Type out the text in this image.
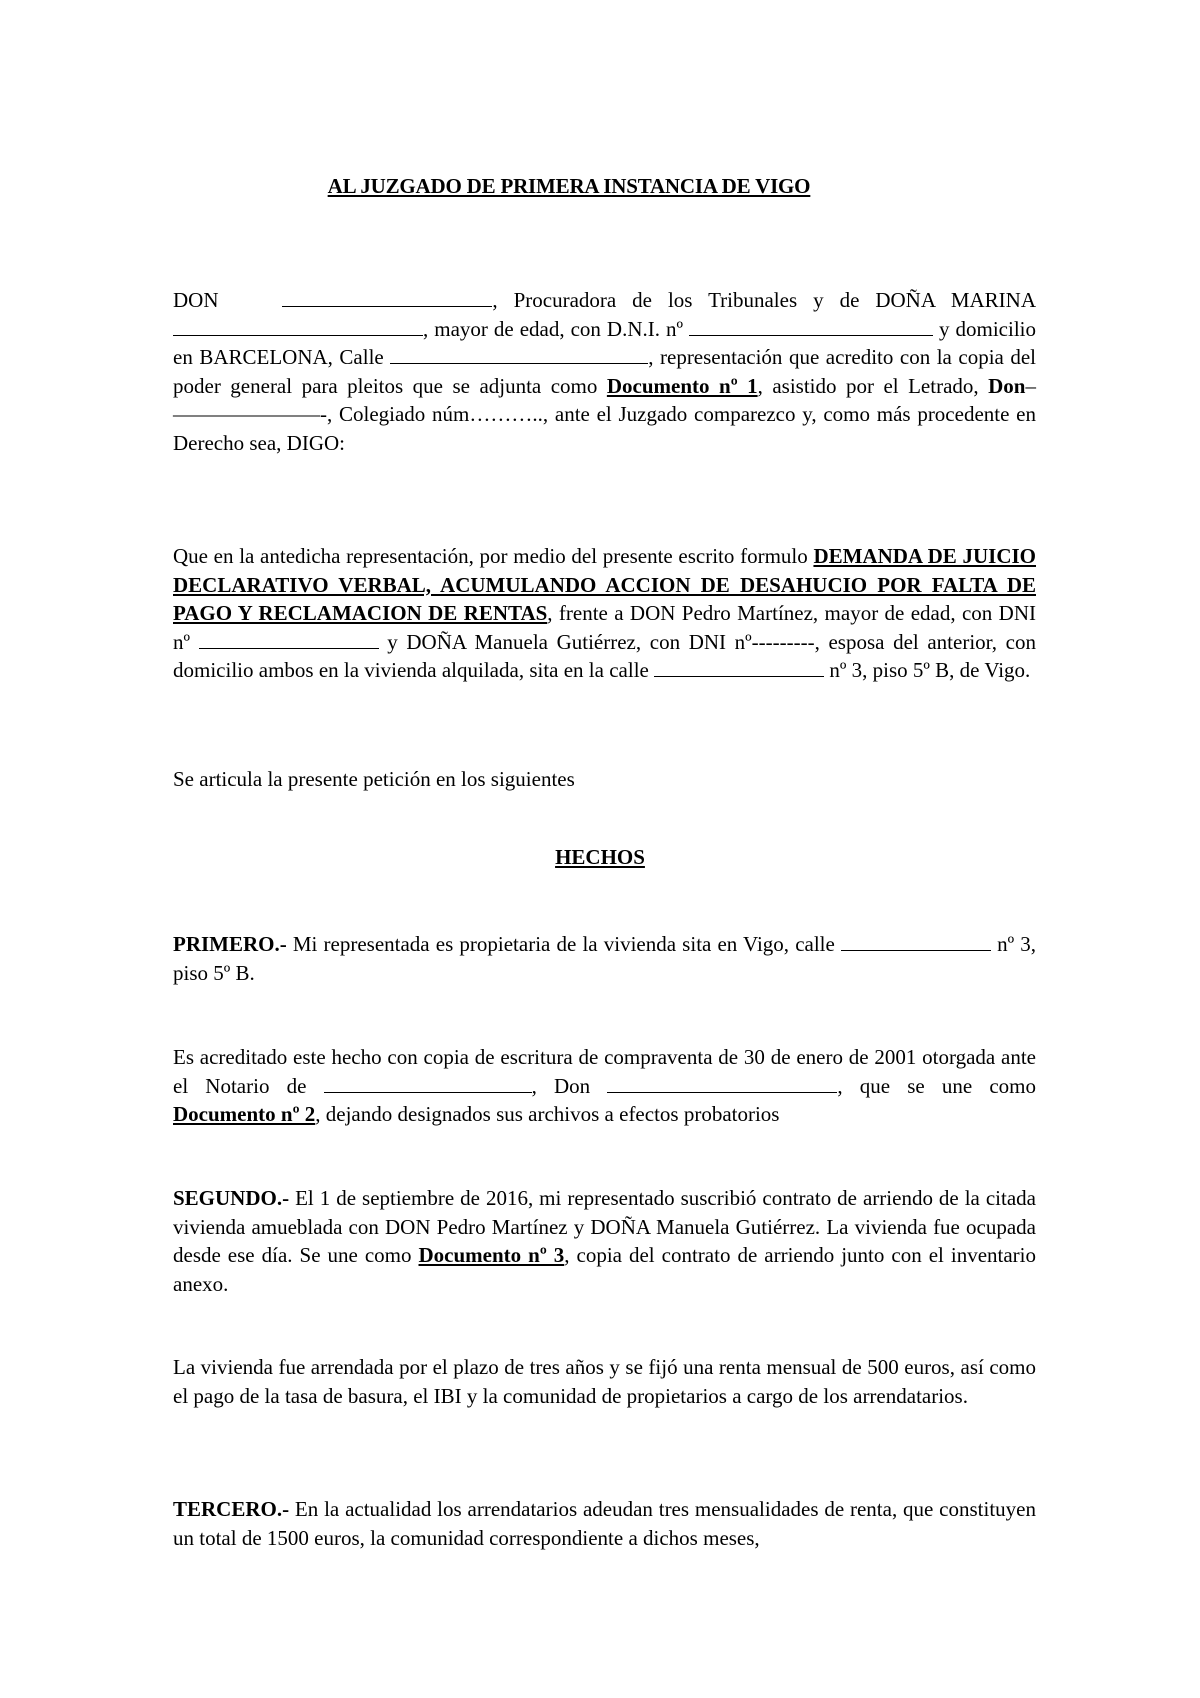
AL JUZGADO DE PRIMERA INSTANCIA DE VIGO
DON	, Procuradora de los Tribunales y de DOÑA MARINA, mayor de edad, con D.N.I. nº	y domicilio en BARCELONA, Calle	, representación que acredito con la copia del poder general para pleitos que se adjunta como Documento nº 1, asistido por el Letrado, Don–———————-, Colegiado núm……….., ante el Juzgado comparezco y, como más procedente en Derecho sea, DIGO:
Que en la antedicha representación, por medio del presente escrito formulo DEMANDA DE JUICIO DECLARATIVO VERBAL, ACUMULANDO ACCION DE DESAHUCIO POR FALTA DE PAGO Y RECLAMACION DE RENTAS, frente a DON Pedro Martínez, mayor de edad, con DNI nº	y DOÑA Manuela Gutiérrez, con DNI nº---------, esposa del anterior, con domicilio ambos en la vivienda alquilada, sita en la calle	nº 3, piso 5º B, de Vigo.
Se articula la presente petición en los siguientes
HECHOS
PRIMERO.- Mi representada es propietaria de la vivienda sita en Vigo, calle	nº 3, piso 5º B.
Es acreditado este hecho con copia de escritura de compraventa de 30 de enero de 2001 otorgada ante el Notario de	, Don	, que se une como Documento nº 2, dejando designados sus archivos a efectos probatorios
SEGUNDO.- El 1 de septiembre de 2016, mi representado suscribió contrato de arriendo de la citada vivienda amueblada con DON Pedro Martínez y DOÑA Manuela Gutiérrez. La vivienda fue ocupada desde ese día. Se une como Documento nº 3, copia del contrato de arriendo junto con el inventario anexo.
La vivienda fue arrendada por el plazo de tres años y se fijó una renta mensual de 500 euros, así como el pago de la tasa de basura, el IBI y la comunidad de propietarios a cargo de los arrendatarios.
TERCERO.- En la actualidad los arrendatarios adeudan tres mensualidades de renta, que constituyen un total de 1500 euros, la comunidad correspondiente a dichos meses,
